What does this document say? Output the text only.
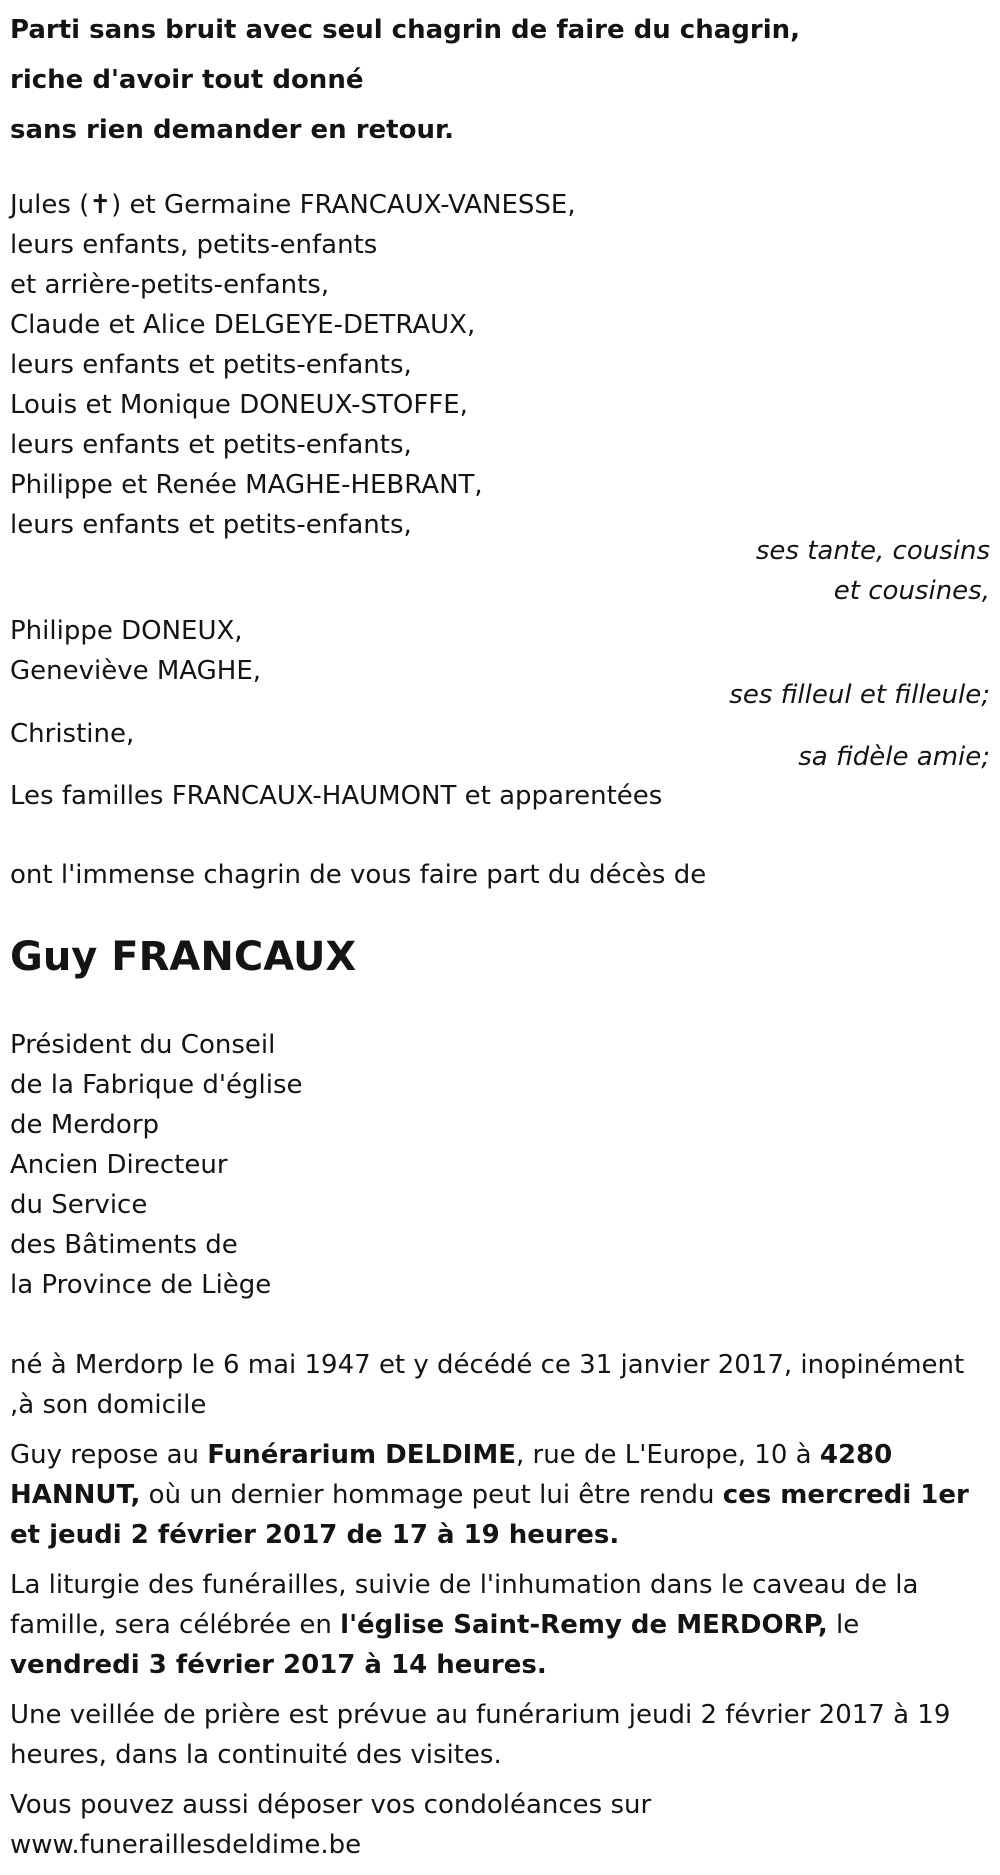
Parti sans bruit avec seul chagrin de faire du chagrin,

riche d'avoir tout donné

sans rien demander en retour.

Jules (✝) et Germaine FRANCAUX-VANESSE,

leurs enfants, petits-enfants

et arrière-petits-enfants,

Claude et Alice DELGEYE-DETRAUX,

leurs enfants et petits-enfants,

Louis et Monique DONEUX-STOFFE,

leurs enfants et petits-enfants,

Philippe et Renée MAGHE-HEBRANT,

leurs enfants et petits-enfants,

ses tante, cousins

et cousines,

Philippe DONEUX,

Geneviève MAGHE,

ses filleul et filleule;
Christine,
sa fidèle amie;
Les familles FRANCAUX-HAUMONT et apparentées
ont l'immense chagrin de vous faire part du décès de
Guy FRANCAUX

Président du Conseil

de la Fabrique d'église

de Merdorp

Ancien Directeur

du Service

des Bâtiments de

la Province de Liège

né à Merdorp le 6 mai 1947 et y décédé ce 31 janvier 2017, inopinément ,à son domicile

Guy repose au Funérarium DELDIME, rue de L'Europe, 10 à 4280 HANNUT, où un dernier hommage peut lui être rendu ces mercredi 1er et jeudi 2 février 2017 de 17 à 19 heures.

La liturgie des funérailles, suivie de l'inhumation dans le caveau de la famille, sera célébrée en l'église Saint-Remy de MERDORP, le vendredi 3 février 2017 à 14 heures.

Une veillée de prière est prévue au funérarium jeudi 2 février 2017 à 19 heures, dans la continuité des visites.

Vous pouvez aussi déposer vos condoléances sur www.funeraillesdeldime.be
